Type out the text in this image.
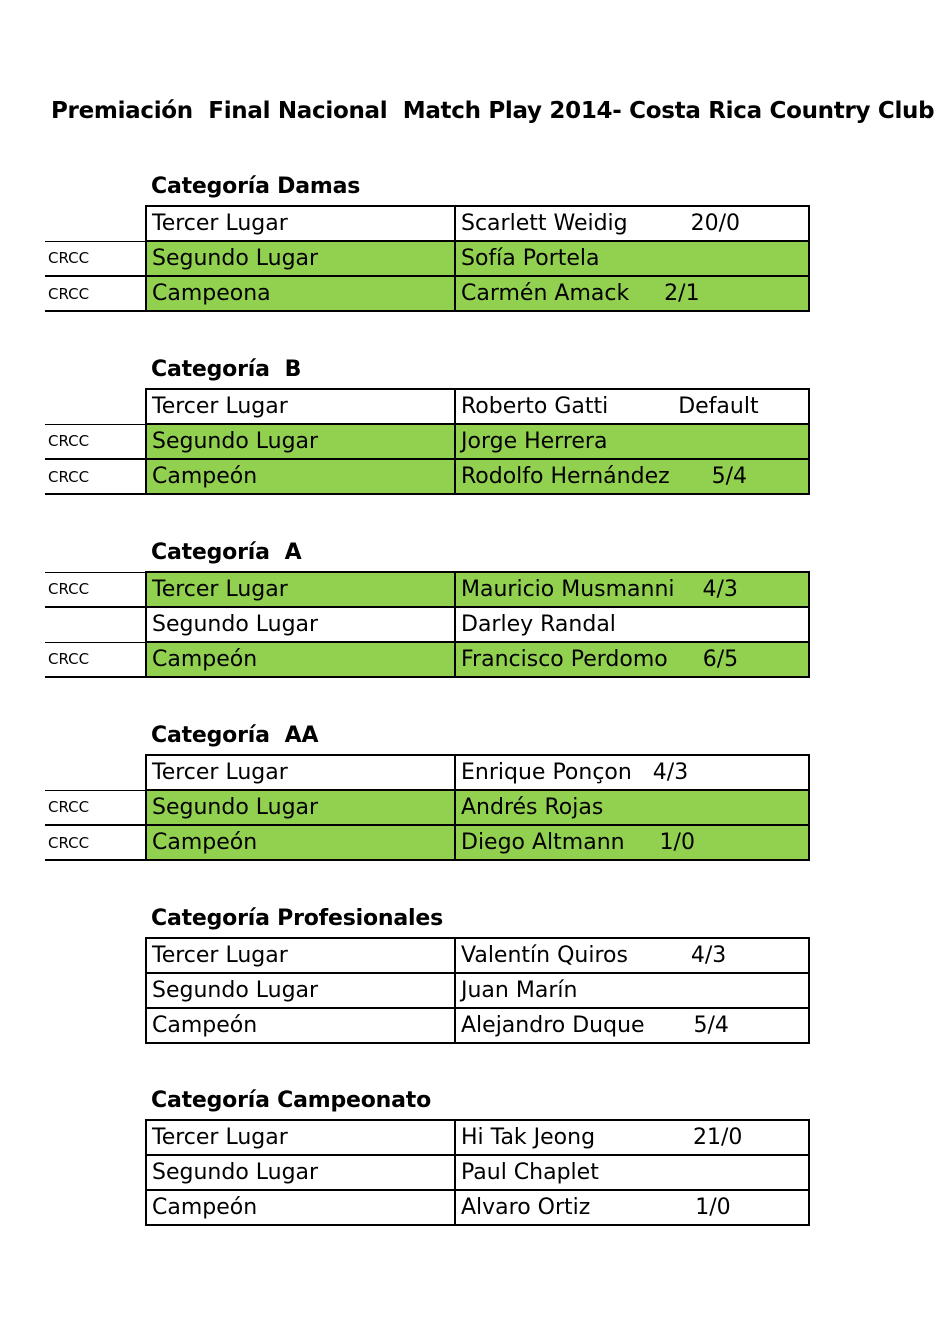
Premiación  Final Nacional  Match Play 2014- Costa Rica Country Club
Categoría Damas
	Tercer Lugar	Scarlett Weidig         20/0
CRCC	Segundo Lugar	Sofía Portela
CRCC	Campeona	Carmén Amack     2/1
Categoría  B
	Tercer Lugar	Roberto Gatti          Default
CRCC	Segundo Lugar	Jorge Herrera
CRCC	Campeón	Rodolfo Hernández      5/4
Categoría  A
CRCC	Tercer Lugar	Mauricio Musmanni    4/3
	Segundo Lugar	Darley Randal
CRCC	Campeón	Francisco Perdomo     6/5
Categoría  AA
	Tercer Lugar	Enrique Ponçon   4/3
CRCC	Segundo Lugar	Andrés Rojas
CRCC	Campeón	Diego Altmann     1/0
Categoría Profesionales
	Tercer Lugar	Valentín Quiros         4/3
	Segundo Lugar	Juan Marín
	Campeón	Alejandro Duque       5/4
Categoría Campeonato
	Tercer Lugar	Hi Tak Jeong              21/0
	Segundo Lugar	Paul Chaplet
	Campeón	Alvaro Ortiz               1/0
